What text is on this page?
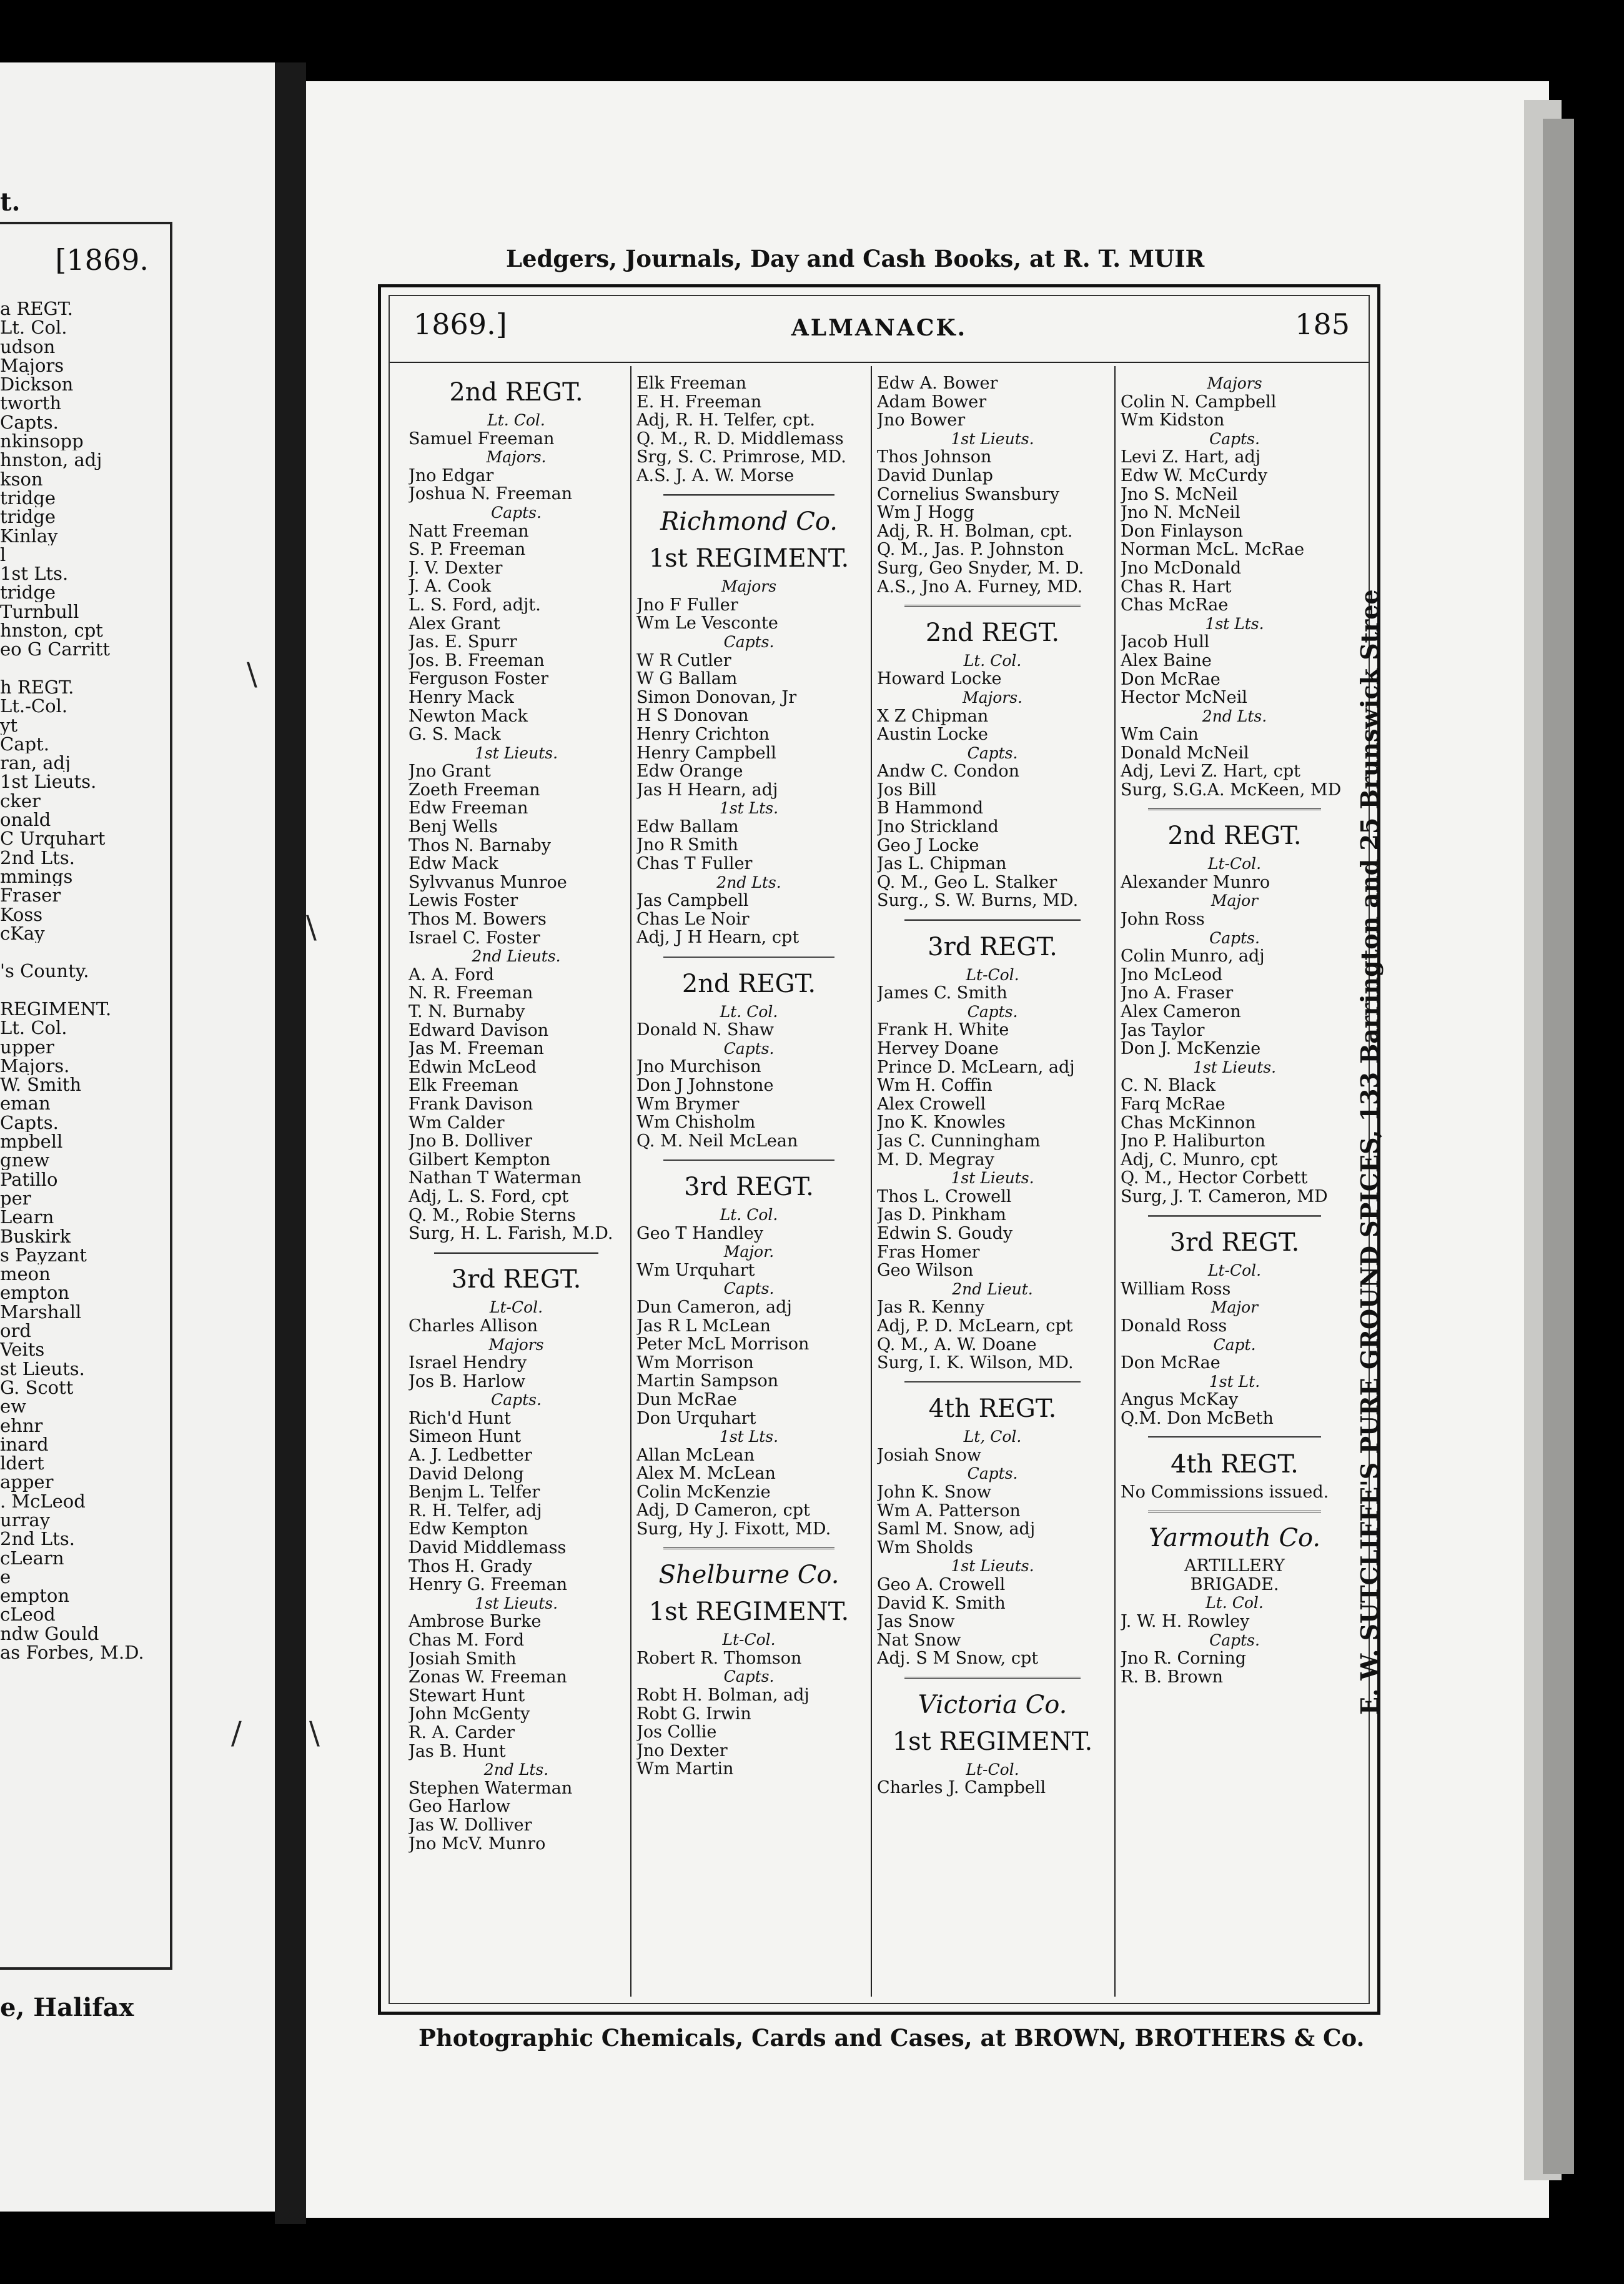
t.
[1869.
a REGT.
Lt. Col.
udson
Majors
Dickson
tworth
Capts.
nkinsopp
hnston, adj
kson
tridge
tridge
Kinlay
l
1st Lts.
tridge
Turnbull
hnston, cpt
eo G Carritt
h REGT.
Lt.-Col.
yt
Capt.
ran, adj
1st Lieuts.
cker
onald
C Urquhart
2nd Lts.
mmings
Fraser
Koss
cKay
's County.
REGIMENT.
Lt. Col.
upper
Majors.
W. Smith
eman
Capts.
mpbell
gnew
Patillo
per
Learn
Buskirk
s Payzant
meon
empton
Marshall
ord
Veits
st Lieuts.
G. Scott
ew
ehnr
inard
ldert
apper
. McLeod
urray
2nd Lts.
cLearn
e
empton
cLeod
ndw Gould
as Forbes, M.D.
e, Halifax
\
\
/ \
Ledgers, Journals, Day and Cash Books, at R. T. MUIR
1869.]	ALMANACK.	185
2nd REGT.
Lt. Col.
Samuel Freeman
Majors.
Jno Edgar
Joshua N. Freeman
Capts.
Natt Freeman
S. P. Freeman
J. V. Dexter
J. A. Cook
L. S. Ford, adjt.
Alex Grant
Jas. E. Spurr
Jos. B. Freeman
Ferguson Foster
Henry Mack
Newton Mack
G. S. Mack
1st Lieuts.
Jno Grant
Zoeth Freeman
Edw Freeman
Benj Wells
Thos N. Barnaby
Edw Mack
Sylvvanus Munroe
Lewis Foster
Thos M. Bowers
Israel C. Foster
2nd Lieuts.
A. A. Ford
N. R. Freeman
T. N. Burnaby
Edward Davison
Jas M. Freeman
Edwin McLeod
Elk Freeman
Frank Davison
Wm Calder
Jno B. Dolliver
Gilbert Kempton
Nathan T Waterman
Adj, L. S. Ford, cpt
Q. M., Robie Sterns
Surg, H. L. Farish, M.D.
3rd REGT.
Lt-Col.
Charles Allison
Majors
Israel Hendry
Jos B. Harlow
Capts.
Rich'd Hunt
Simeon Hunt
A. J. Ledbetter
David Delong
Benjm L. Telfer
R. H. Telfer, adj
Edw Kempton
David Middlemass
Thos H. Grady
Henry G. Freeman
1st Lieuts.
Ambrose Burke
Chas M. Ford
Josiah Smith
Zonas W. Freeman
Stewart Hunt
John McGenty
R. A. Carder
Jas B. Hunt
2nd Lts.
Stephen Waterman
Geo Harlow
Jas W. Dolliver
Jno McV. Munro
Elk Freeman
E. H. Freeman
Adj, R. H. Telfer, cpt.
Q. M., R. D. Middlemass
Srg, S. C. Primrose, MD.
A.S. J. A. W. Morse
Richmond Co.
1st REGIMENT.
Majors
Jno F Fuller
Wm Le Vesconte
Capts.
W R Cutler
W G Ballam
Simon Donovan, Jr
H S Donovan
Henry Crichton
Henry Campbell
Edw Orange
Jas H Hearn, adj
1st Lts.
Edw Ballam
Jno R Smith
Chas T Fuller
2nd Lts.
Jas Campbell
Chas Le Noir
Adj, J H Hearn, cpt
2nd REGT.
Lt. Col.
Donald N. Shaw
Capts.
Jno Murchison
Don J Johnstone
Wm Brymer
Wm Chisholm
Q. M. Neil McLean
3rd REGT.
Lt. Col.
Geo T Handley
Major.
Wm Urquhart
Capts.
Dun Cameron, adj
Jas R L McLean
Peter McL Morrison
Wm Morrison
Martin Sampson
Dun McRae
Don Urquhart
1st Lts.
Allan McLean
Alex M. McLean
Colin McKenzie
Adj, D Cameron, cpt
Surg, Hy J. Fixott, MD.
Shelburne Co.
1st REGIMENT.
Lt-Col.
Robert R. Thomson
Capts.
Robt H. Bolman, adj
Robt G. Irwin
Jos Collie
Jno Dexter
Wm Martin
Edw A. Bower
Adam Bower
Jno Bower
1st Lieuts.
Thos Johnson
David Dunlap
Cornelius Swansbury
Wm J Hogg
Adj, R. H. Bolman, cpt.
Q. M., Jas. P. Johnston
Surg, Geo Snyder, M. D.
A.S., Jno A. Furney, MD.
2nd REGT.
Lt. Col.
Howard Locke
Majors.
X Z Chipman
Austin Locke
Capts.
Andw C. Condon
Jos Bill
B Hammond
Jno Strickland
Geo J Locke
Jas L. Chipman
Q. M., Geo L. Stalker
Surg., S. W. Burns, MD.
3rd REGT.
Lt-Col.
James C. Smith
Capts.
Frank H. White
Hervey Doane
Prince D. McLearn, adj
Wm H. Coffin
Alex Crowell
Jno K. Knowles
Jas C. Cunningham
M. D. Megray
1st Lieuts.
Thos L. Crowell
Jas D. Pinkham
Edwin S. Goudy
Fras Homer
Geo Wilson
2nd Lieut.
Jas R. Kenny
Adj, P. D. McLearn, cpt
Q. M., A. W. Doane
Surg, I. K. Wilson, MD.
4th REGT.
Lt, Col.
Josiah Snow
Capts.
John K. Snow
Wm A. Patterson
Saml M. Snow, adj
Wm Sholds
1st Lieuts.
Geo A. Crowell
David K. Smith
Jas Snow
Nat Snow
Adj. S M Snow, cpt
Victoria Co.
1st REGIMENT.
Lt-Col.
Charles J. Campbell
Majors
Colin N. Campbell
Wm Kidston
Capts.
Levi Z. Hart, adj
Edw W. McCurdy
Jno S. McNeil
Jno N. McNeil
Don Finlayson
Norman McL. McRae
Jno McDonald
Chas R. Hart
Chas McRae
1st Lts.
Jacob Hull
Alex Baine
Don McRae
Hector McNeil
2nd Lts.
Wm Cain
Donald McNeil
Adj, Levi Z. Hart, cpt
Surg, S.G.A. McKeen, MD
2nd REGT.
Lt-Col.
Alexander Munro
Major
John Ross
Capts.
Colin Munro, adj
Jno McLeod
Jno A. Fraser
Alex Cameron
Jas Taylor
Don J. McKenzie
1st Lieuts.
C. N. Black
Farq McRae
Chas McKinnon
Jno P. Haliburton
Adj, C. Munro, cpt
Q. M., Hector Corbett
Surg, J. T. Cameron, MD
3rd REGT.
Lt-Col.
William Ross
Major
Donald Ross
Capt.
Don McRae
1st Lt.
Angus McKay
Q.M. Don McBeth
4th REGT.
No Commissions issued.
Yarmouth Co.
ARTILLERY
BRIGADE.
Lt. Col.
J. W. H. Rowley
Capts.
Jno R. Corning
R. B. Brown
Photographic Chemicals, Cards and Cases, at BROWN, BROTHERS & Co.
E. W. SUTCLIFFE'S PURE GROUND SPICES, 133 Barrington and 25 Brunswick Stree
